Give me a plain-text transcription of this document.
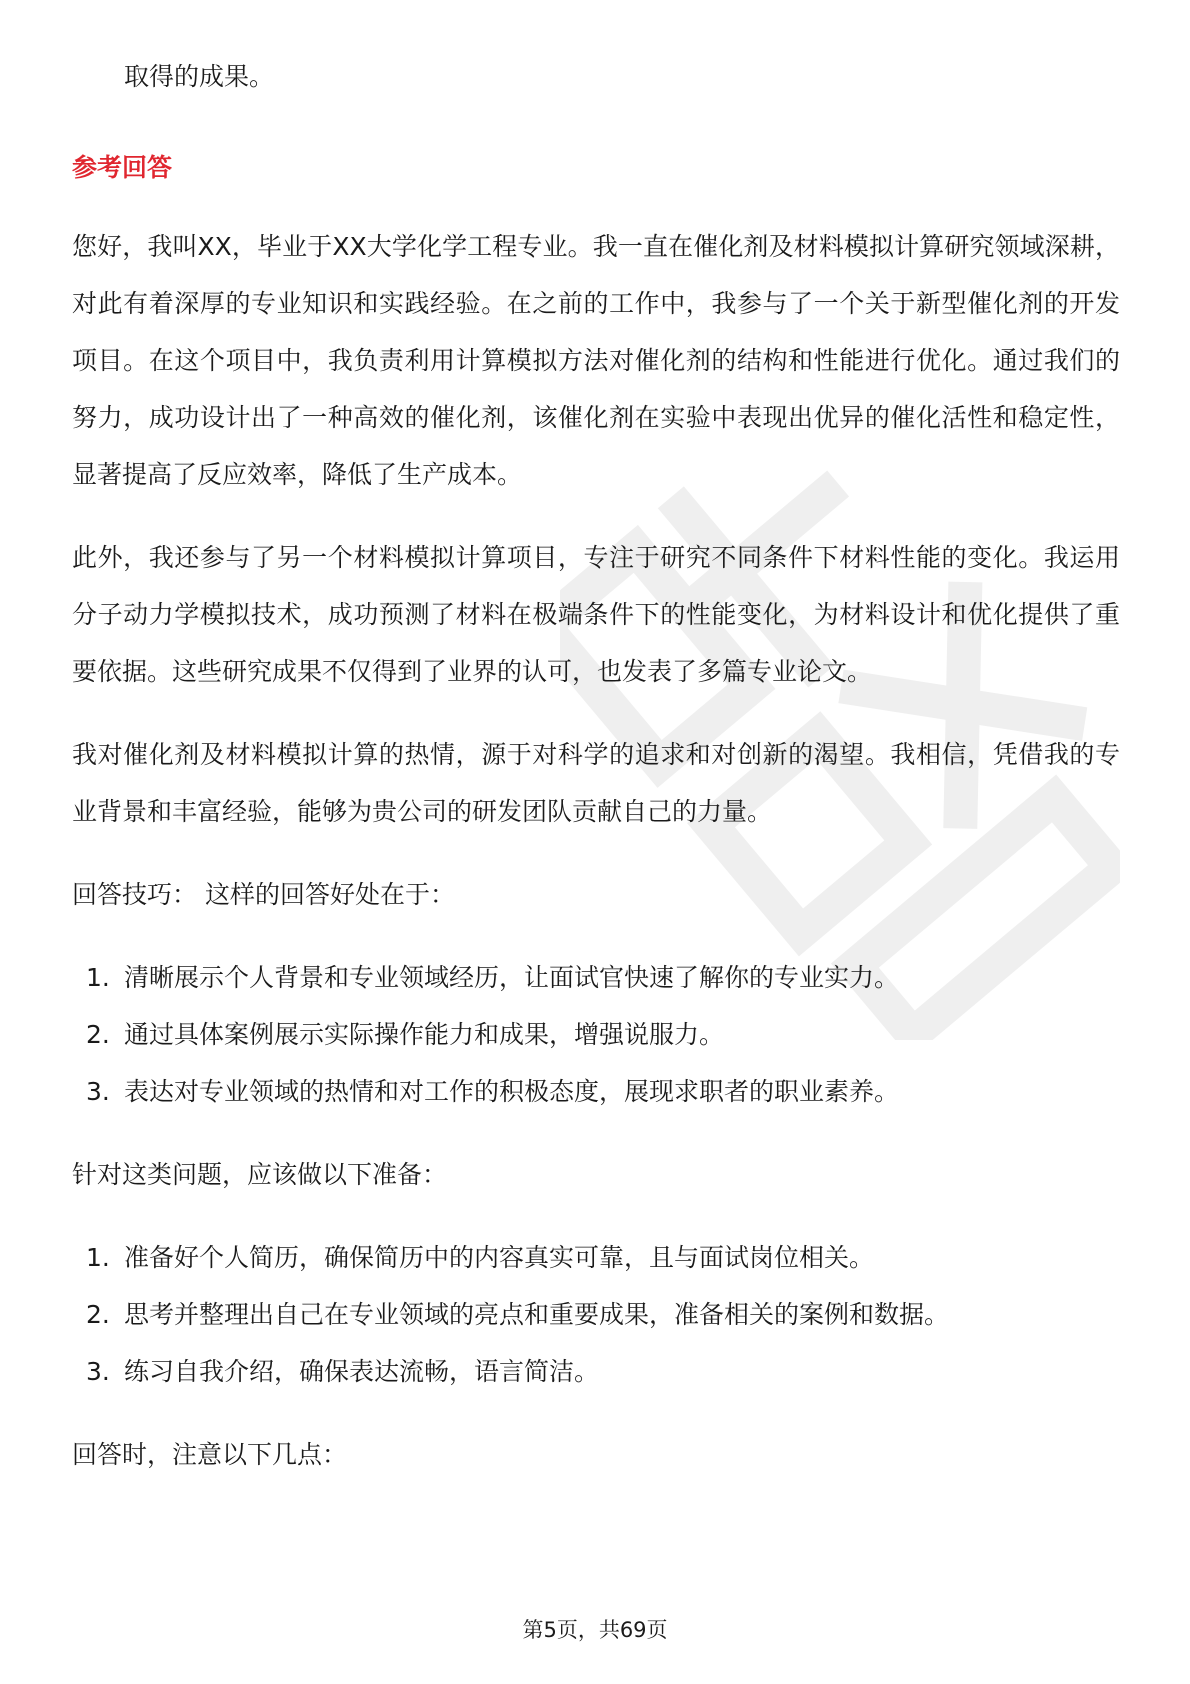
取得的成果。

参考回答

您好，我叫XX，毕业于XX大学化学工程专业。我一直在催化剂及材料模拟计算研究领域深耕，对此有着深厚的专业知识和实践经验。在之前的工作中，我参与了一个关于新型催化剂的开发项目。在这个项目中，我负责利用计算模拟方法对催化剂的结构和性能进行优化。通过我们的努力，成功设计出了一种高效的催化剂，该催化剂在实验中表现出优异的催化活性和稳定性，显著提高了反应效率，降低了生产成本。

此外，我还参与了另一个材料模拟计算项目，专注于研究不同条件下材料性能的变化。我运用分子动力学模拟技术，成功预测了材料在极端条件下的性能变化，为材料设计和优化提供了重要依据。这些研究成果不仅得到了业界的认可，也发表了多篇专业论文。

我对催化剂及材料模拟计算的热情，源于对科学的追求和对创新的渴望。我相信，凭借我的专业背景和丰富经验，能够为贵公司的研发团队贡献自己的力量。

回答技巧： 这样的回答好处在于：

1. 清晰展示个人背景和专业领域经历，让面试官快速了解你的专业实力。
2. 通过具体案例展示实际操作能力和成果，增强说服力。
3. 表达对专业领域的热情和对工作的积极态度，展现求职者的职业素养。

针对这类问题，应该做以下准备：

1. 准备好个人简历，确保简历中的内容真实可靠，且与面试岗位相关。
2. 思考并整理出自己在专业领域的亮点和重要成果，准备相关的案例和数据。
3. 练习自我介绍，确保表达流畅，语言简洁。

回答时，注意以下几点：

第5页，共69页
